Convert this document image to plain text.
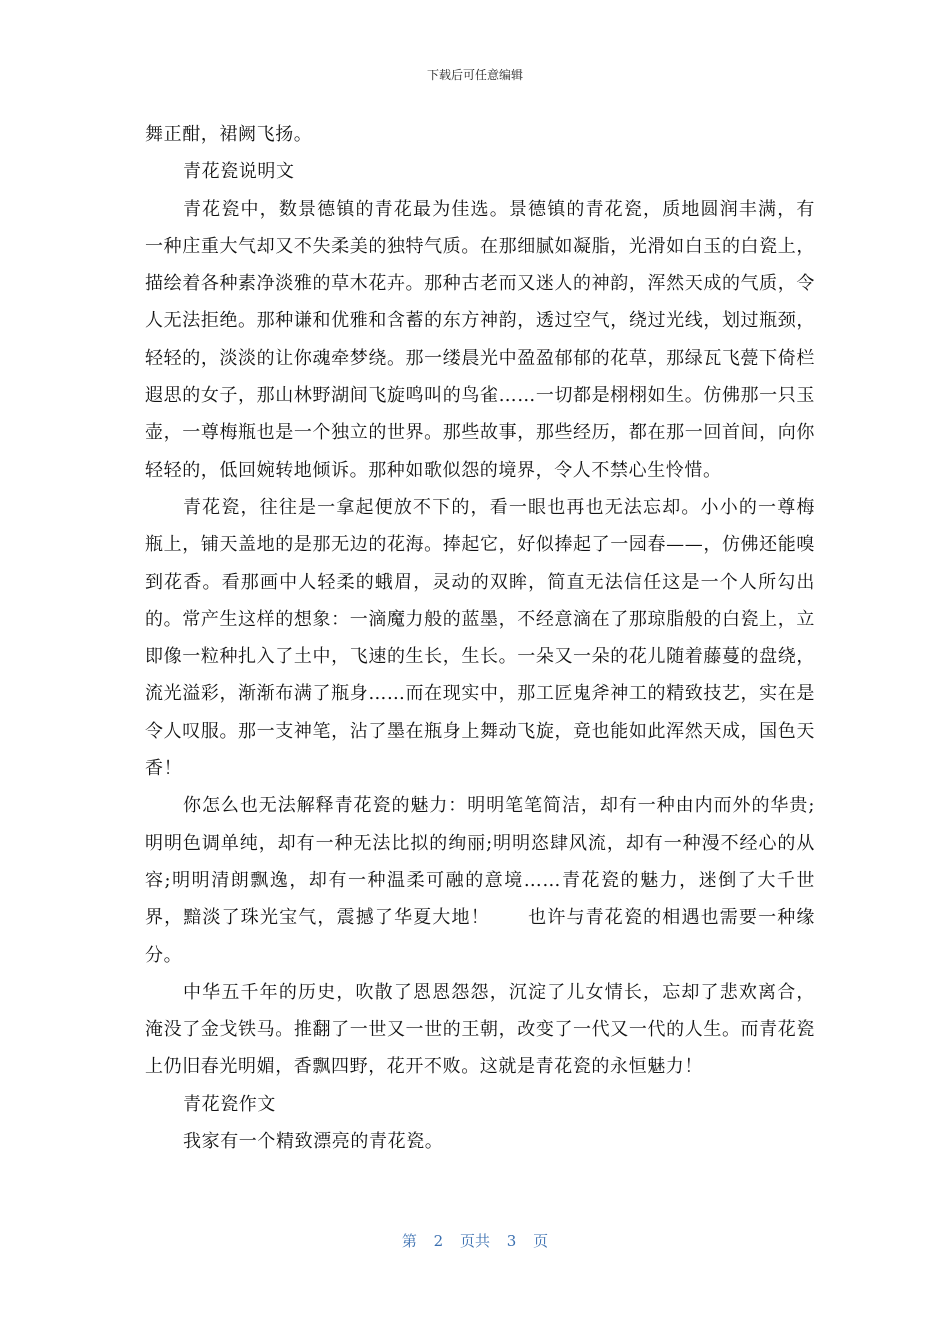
下载后可任意编辑

舞正酣，裙阙飞扬。

青花瓷说明文

青花瓷中，数景德镇的青花最为佳选。景德镇的青花瓷，质地圆润丰满，有一种庄重大气却又不失柔美的独特气质。在那细腻如凝脂，光滑如白玉的白瓷上，描绘着各种素净淡雅的草木花卉。那种古老而又迷人的神韵，浑然天成的气质，令人无法拒绝。那种谦和优雅和含蓄的东方神韵，透过空气，绕过光线，划过瓶颈，轻轻的，淡淡的让你魂牵梦绕。那一缕晨光中盈盈郁郁的花草，那绿瓦飞甍下倚栏遐思的女子，那山林野湖间飞旋鸣叫的鸟雀……一切都是栩栩如生。仿佛那一只玉壶，一尊梅瓶也是一个独立的世界。那些故事，那些经历，都在那一回首间，向你轻轻的，低回婉转地倾诉。那种如歌似怨的境界，令人不禁心生怜惜。

青花瓷，往往是一拿起便放不下的，看一眼也再也无法忘却。小小的一尊梅瓶上，铺天盖地的是那无边的花海。捧起它，好似捧起了一园春——，仿佛还能嗅到花香。看那画中人轻柔的蛾眉，灵动的双眸，简直无法信任这是一个人所勾出的。常产生这样的想象：一滴魔力般的蓝墨，不经意滴在了那琼脂般的白瓷上，立即像一粒种扎入了土中，飞速的生长，生长。一朵又一朵的花儿随着藤蔓的盘绕，流光溢彩，渐渐布满了瓶身……而在现实中，那工匠鬼斧神工的精致技艺，实在是令人叹服。那一支神笔，沾了墨在瓶身上舞动飞旋，竟也能如此浑然天成，国色天香！

你怎么也无法解释青花瓷的魅力：明明笔笔简洁，却有一种由内而外的华贵;明明色调单纯，却有一种无法比拟的绚丽;明明恣肆风流，却有一种漫不经心的从容;明明清朗飘逸，却有一种温柔可融的意境……青花瓷的魅力，迷倒了大千世界，黯淡了珠光宝气，震撼了华夏大地！　　也许与青花瓷的相遇也需要一种缘分。

中华五千年的历史，吹散了恩恩怨怨，沉淀了儿女情长，忘却了悲欢离合，淹没了金戈铁马。推翻了一世又一世的王朝，改变了一代又一代的人生。而青花瓷上仍旧春光明媚，香飘四野，花开不败。这就是青花瓷的永恒魅力！

青花瓷作文

我家有一个精致漂亮的青花瓷。

第 2 页共 3 页
